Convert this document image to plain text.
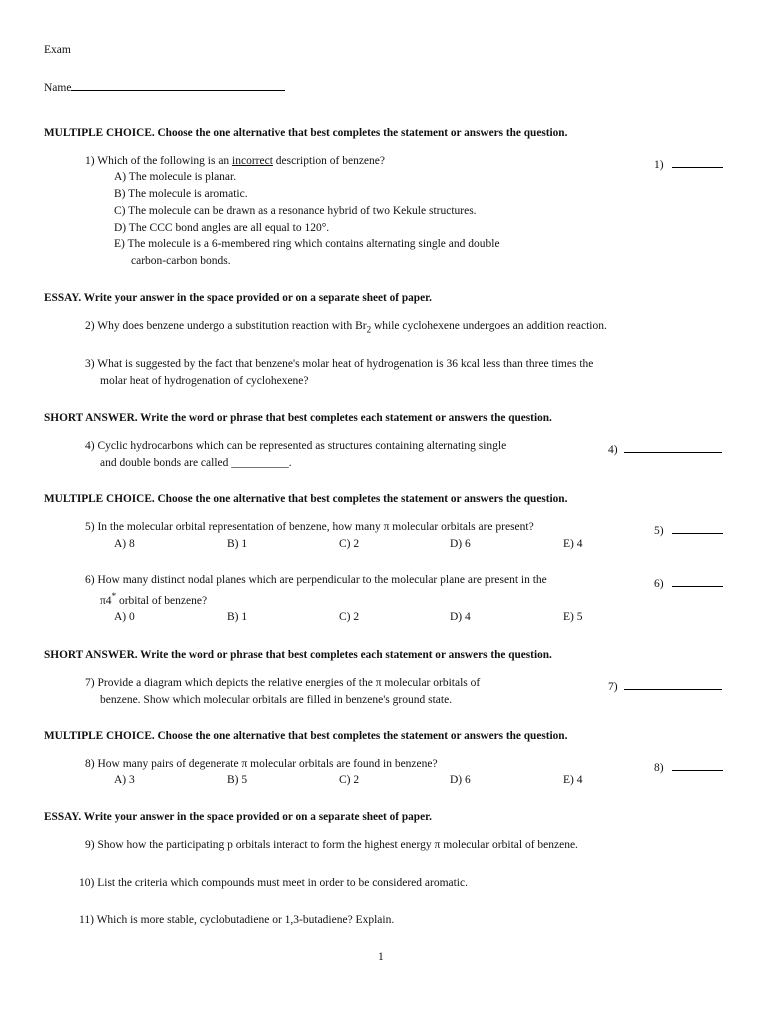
Exam
Name
MULTIPLE CHOICE. Choose the one alternative that best completes the statement or answers the question.
1) Which of the following is an incorrect description of benzene?	1)
A) The molecule is planar.
B) The molecule is aromatic.
C) The molecule can be drawn as a resonance hybrid of two Kekule structures.
D) The CCC bond angles are all equal to 120°.
E) The molecule is a 6-membered ring which contains alternating single and double
carbon-carbon bonds.
ESSAY. Write your answer in the space provided or on a separate sheet of paper.
2) Why does benzene undergo a substitution reaction with $Br_2$ while cyclohexene undergoes an addition reaction.
3) What is suggested by the fact that benzene's molar heat of hydrogenation is 36 kcal less than three times the
molar heat of hydrogenation of cyclohexene?
SHORT ANSWER. Write the word or phrase that best completes each statement or answers the question.
4) Cyclic hydrocarbons which can be represented as structures containing alternating single
and double bonds are called __________.
4)
MULTIPLE CHOICE. Choose the one alternative that best completes the statement or answers the question.
5) In the molecular orbital representation of benzene, how many π molecular orbitals are present?	5)
A) 8	B) 1	C) 2	D) 6	E) 4
6) How many distinct nodal planes which are perpendicular to the molecular plane are present in the
π4* orbital of benzene?
6)
A) 0	B) 1	C) 2	D) 4	E) 5
SHORT ANSWER. Write the word or phrase that best completes each statement or answers the question.
7) Provide a diagram which depicts the relative energies of the π molecular orbitals of
benzene. Show which molecular orbitals are filled in benzene's ground state.
7)
MULTIPLE CHOICE. Choose the one alternative that best completes the statement or answers the question.
8) How many pairs of degenerate π molecular orbitals are found in benzene?	8)
A) 3	B) 5	C) 2	D) 6	E) 4
ESSAY. Write your answer in the space provided or on a separate sheet of paper.
9) Show how the participating p orbitals interact to form the highest energy π molecular orbital of benzene.
10) List the criteria which compounds must meet in order to be considered aromatic.
11) Which is more stable, cyclobutadiene or 1,3-butadiene? Explain.
1
